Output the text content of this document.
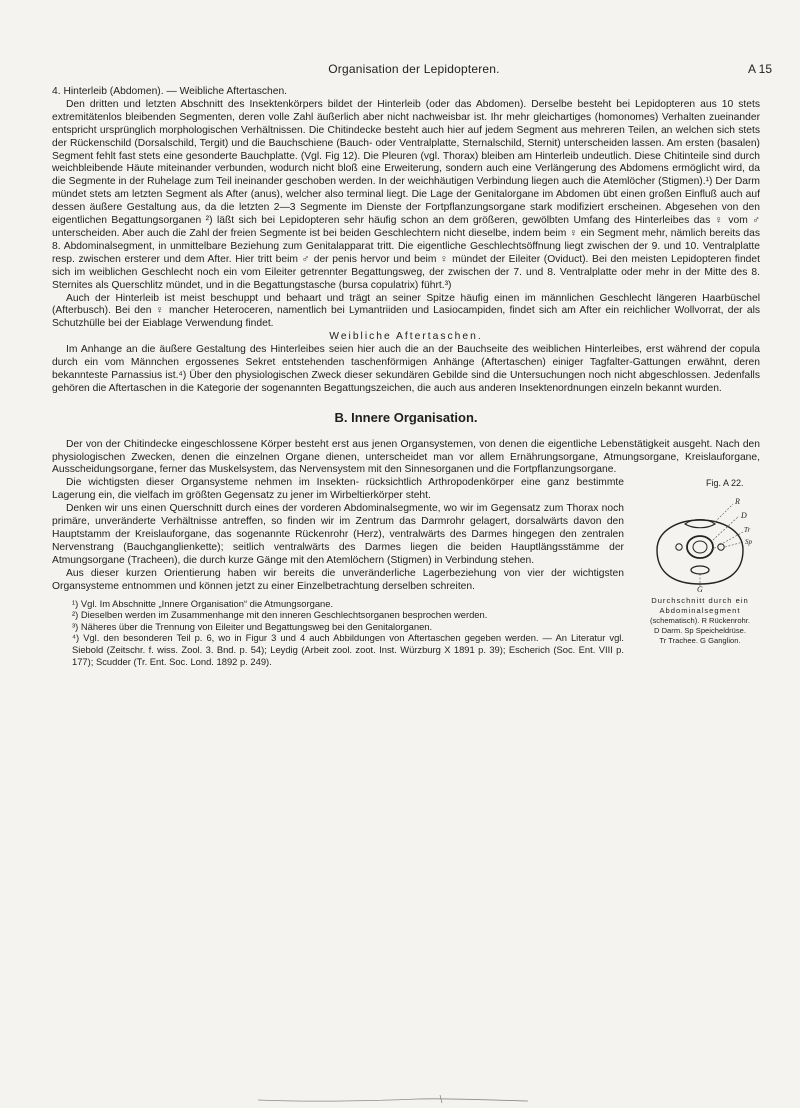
Organisation der Lepidopteren.	A 15

4. Hinterleib (Abdomen). — Weibliche Aftertaschen.

Den dritten und letzten Abschnitt des Insektenkörpers bildet der Hinterleib (oder das Abdomen). Derselbe besteht bei Lepidopteren aus 10 stets extremitätenlos bleibenden Segmenten, deren volle Zahl äußerlich aber nicht nachweisbar ist. Ihr mehr gleichartiges (homonomes) Verhalten zueinander entspricht ursprünglich morphologischen Verhältnissen. Die Chitindecke besteht auch hier auf jedem Segment aus mehreren Teilen, an welchen sich stets der Rückenschild (Dorsalschild, Tergit) und die Bauchschiene (Bauch- oder Ventralplatte, Sternalschild, Sternit) unterscheiden lassen. Am ersten (basalen) Segment fehlt fast stets eine gesonderte Bauchplatte. (Vgl. Fig 12). Die Pleuren (vgl. Thorax) bleiben am Hinterleib undeutlich. Diese Chitinteile sind durch weichbleibende Häute miteinander verbunden, wodurch nicht bloß eine Erweiterung, sondern auch eine Verlängerung des Abdomens ermöglicht wird, da die Segmente in der Ruhelage zum Teil ineinander geschoben werden. In der weichhäutigen Verbindung liegen auch die Atemlöcher (Stigmen).¹) Der Darm mündet stets am letzten Segment als After (anus), welcher also terminal liegt. Die Lage der Genitalorgane im Abdomen übt einen großen Einfluß auch auf dessen äußere Gestaltung aus, da die letzten 2—3 Segmente im Dienste der Fortpflanzungsorgane stark modifiziert erscheinen. Abgesehen von den eigentlichen Begattungsorganen ²) läßt sich bei Lepidopteren sehr häufig schon an dem größeren, gewölbten Umfang des Hinterleibes das ♀ vom ♂ unterscheiden. Aber auch die Zahl der freien Segmente ist bei beiden Geschlechtern nicht dieselbe, indem beim ♀ ein Segment mehr, nämlich bereits das 8. Abdominalsegment, in unmittelbare Beziehung zum Genitalapparat tritt. Die eigentliche Geschlechtsöffnung liegt zwischen der 9. und 10. Ventralplatte resp. zwischen ersterer und dem After. Hier tritt beim ♂ der penis hervor und beim ♀ mündet der Eileiter (Oviduct). Bei den meisten Lepidopteren findet sich im weiblichen Geschlecht noch ein vom Eileiter getrennter Begattungsweg, der zwischen der 7. und 8. Ventralplatte oder mehr in der Mitte des 8. Sternites als Querschlitz mündet, und in die Begattungstasche (bursa copulatrix) führt.³)

Auch der Hinterleib ist meist beschuppt und behaart und trägt an seiner Spitze häufig einen im männlichen Geschlecht längeren Haarbüschel (Afterbusch). Bei den ♀ mancher Heteroceren, namentlich bei Lymantriiden und Lasiocampiden, findet sich am After ein reichlicher Wollvorrat, der als Schutzhülle bei der Eiablage Verwendung findet.

Weibliche Aftertaschen.

Im Anhange an die äußere Gestaltung des Hinterleibes seien hier auch die an der Bauchseite des weiblichen Hinterleibes, erst während der copula durch ein vom Männchen ergossenes Sekret entstehenden taschenförmigen Anhänge (Aftertaschen) einiger Tagfalter-Gattungen erwähnt, deren bekannteste Parnassius ist.⁴) Über den physiologischen Zweck dieser sekundären Gebilde sind die Untersuchungen noch nicht abgeschlossen. Jedenfalls gehören die Aftertaschen in die Kategorie der sogenannten Begattungszeichen, die auch aus anderen Insektenordnungen einzeln bekannt wurden.

B. Innere Organisation.

Der von der Chitindecke eingeschlossene Körper besteht erst aus jenen Organsystemen, von denen die eigentliche Lebenstätigkeit ausgeht. Nach den physiologischen Zwecken, denen die einzelnen Organe dienen, unterscheidet man vor allem Ernährungsorgane, Atmungsorgane, Kreislauforgane, Ausscheidungsorgane, ferner das Muskelsystem, das Nervensystem mit den Sinnesorganen und die Fortpflanzungsorgane.

Fig. A 22.
R
D
Sp
Tr
G
Durchschnitt durch ein Abdominalsegment
(schematisch). R Rückenrohr.
D Darm. Sp Speicheldrüse.
Tr Trachee. G Ganglion.

Die wichtigsten dieser Organsysteme nehmen im Insekten- rücksichtlich Arthropodenkörper eine ganz bestimmte Lagerung ein, die vielfach im größten Gegensatz zu jener im Wirbeltierkörper steht.

Denken wir uns einen Querschnitt durch eines der vorderen Abdominalsegmente, wo wir im Gegensatz zum Thorax noch primäre, unveränderte Verhältnisse antreffen, so finden wir im Zentrum das Darmrohr gelagert, dorsalwärts davon den Hauptstamm der Kreislauforgane, das sogenannte Rückenrohr (Herz), ventralwärts des Darmes hingegen den zentralen Nervenstrang (Bauchganglienkette); seitlich ventralwärts des Darmes liegen die beiden Hauptlängsstämme der Atmungsorgane (Tracheen), die durch kurze Gänge mit den Atemlöchern (Stigmen) in Verbindung stehen.

Aus dieser kurzen Orientierung haben wir bereits die unveränderliche Lagerbeziehung von vier der wichtigsten Organsysteme entnommen und können jetzt zu einer Einzelbetrachtung derselben schreiten.

¹) Vgl. Im Abschnitte „Innere Organisation“ die Atmungsorgane.

²) Dieselben werden im Zusammenhange mit den inneren Geschlechtsorganen besprochen werden.

³) Näheres über die Trennung von Eileiter und Begattungsweg bei den Genitalorganen.

⁴) Vgl. den besonderen Teil p. 6, wo in Figur 3 und 4 auch Abbildungen von Aftertaschen gegeben werden. — An Literatur vgl. Siebold (Zeitschr. f. wiss. Zool. 3. Bnd. p. 54); Leydig (Arbeit zool. zoot. Inst. Würzburg X 1891 p. 39); Escherich (Soc. Ent. VIII p. 177); Scudder (Tr. Ent. Soc. Lond. 1892 p. 249).
